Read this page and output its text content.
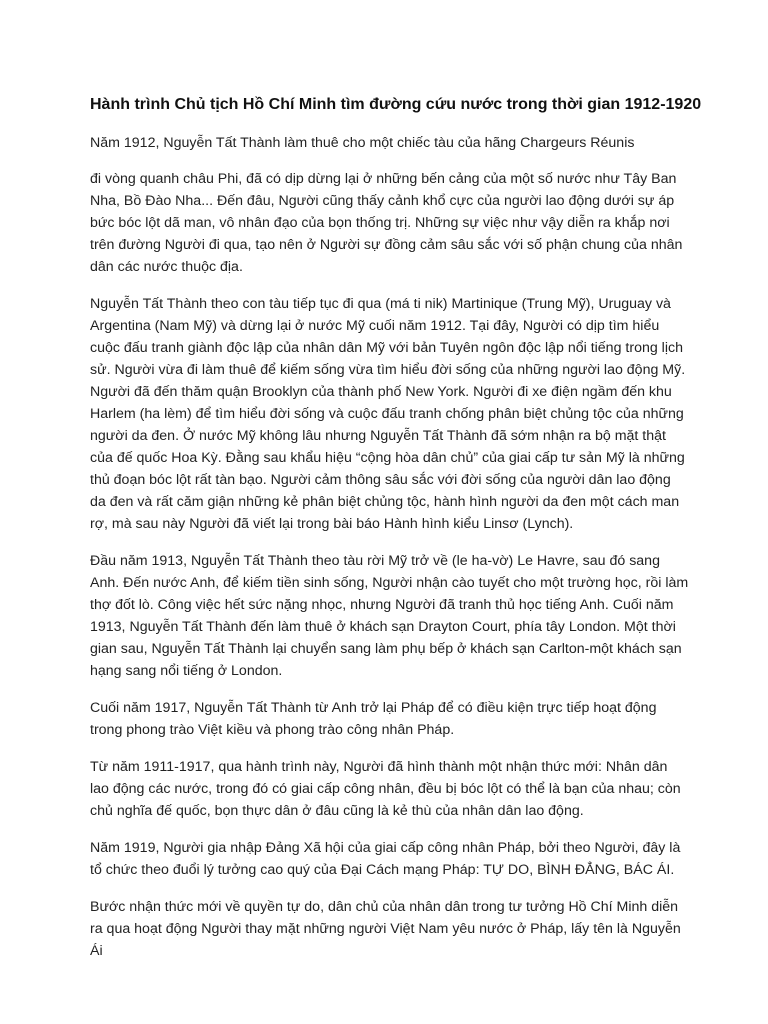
Hành trình Chủ tịch Hồ Chí Minh tìm đường cứu nước trong thời gian 1912-1920

Năm 1912, Nguyễn Tất Thành làm thuê cho một chiếc tàu của hãng Chargeurs Réunis

đi vòng quanh châu Phi, đã có dịp dừng lại ở những bến cảng của một số nước như Tây Ban Nha, Bồ Đào Nha... Đến đâu, Người cũng thấy cảnh khổ cực của người lao động dưới sự áp bức bóc lột dã man, vô nhân đạo của bọn thống trị. Những sự việc như vậy diễn ra khắp nơi trên đường Người đi qua, tạo nên ở Người sự đồng cảm sâu sắc với số phận chung của nhân dân các nước thuộc địa.

Nguyễn Tất Thành theo con tàu tiếp tục đi qua (má ti nik) Martinique (Trung Mỹ), Uruguay và Argentina (Nam Mỹ) và dừng lại ở nước Mỹ cuối năm 1912. Tại đây, Người có dịp tìm hiểu cuộc đấu tranh giành độc lập của nhân dân Mỹ với bản Tuyên ngôn độc lập nổi tiếng trong lịch sử. Người vừa đi làm thuê để kiếm sống vừa tìm hiểu đời sống của những người lao động Mỹ. Người đã đến thăm quận Brooklyn của thành phố New York. Người đi xe điện ngầm đến khu Harlem (ha lèm) để tìm hiểu đời sống và cuộc đấu tranh chống phân biệt chủng tộc của những người da đen. Ở nước Mỹ không lâu nhưng Nguyễn Tất Thành đã sớm nhận ra bộ mặt thật của đế quốc Hoa Kỳ. Đằng sau khẩu hiệu “cộng hòa dân chủ” của giai cấp tư sản Mỹ là những thủ đoạn bóc lột rất tàn bạo. Người cảm thông sâu sắc với đời sống của người dân lao động da đen và rất căm giận những kẻ phân biệt chủng tộc, hành hình người da đen một cách man rợ, mà sau này Người đã viết lại trong bài báo Hành hình kiểu Linsơ (Lynch).

Đầu năm 1913, Nguyễn Tất Thành theo tàu rời Mỹ trở về (le ha-vờ) Le Havre, sau đó sang Anh. Đến nước Anh, để kiếm tiền sinh sống, Người nhận cào tuyết cho một trường học, rồi làm thợ đốt lò. Công việc hết sức nặng nhọc, nhưng Người đã tranh thủ học tiếng Anh. Cuối năm 1913, Nguyễn Tất Thành đến làm thuê ở khách sạn Drayton Court, phía tây London. Một thời gian sau, Nguyễn Tất Thành lại chuyển sang làm phụ bếp ở khách sạn Carlton-một khách sạn hạng sang nổi tiếng ở London.

Cuối năm 1917, Nguyễn Tất Thành từ Anh trở lại Pháp để có điều kiện trực tiếp hoạt động trong phong trào Việt kiều và phong trào công nhân Pháp.

Từ năm 1911-1917, qua hành trình này, Người đã hình thành một nhận thức mới: Nhân dân lao động các nước, trong đó có giai cấp công nhân, đều bị bóc lột có thể là bạn của nhau; còn chủ nghĩa đế quốc, bọn thực dân ở đâu cũng là kẻ thù của nhân dân lao động.

Năm 1919, Người gia nhập Đảng Xã hội của giai cấp công nhân Pháp, bởi theo Người, đây là tổ chức theo đuổi lý tưởng cao quý của Đại Cách mạng Pháp: TỰ DO, BÌNH ĐẲNG, BÁC ÁI.

Bước nhận thức mới về quyền tự do, dân chủ của nhân dân trong tư tưởng Hồ Chí Minh diễn ra qua hoạt động Người thay mặt những người Việt Nam yêu nước ở Pháp, lấy tên là Nguyễn Ái
